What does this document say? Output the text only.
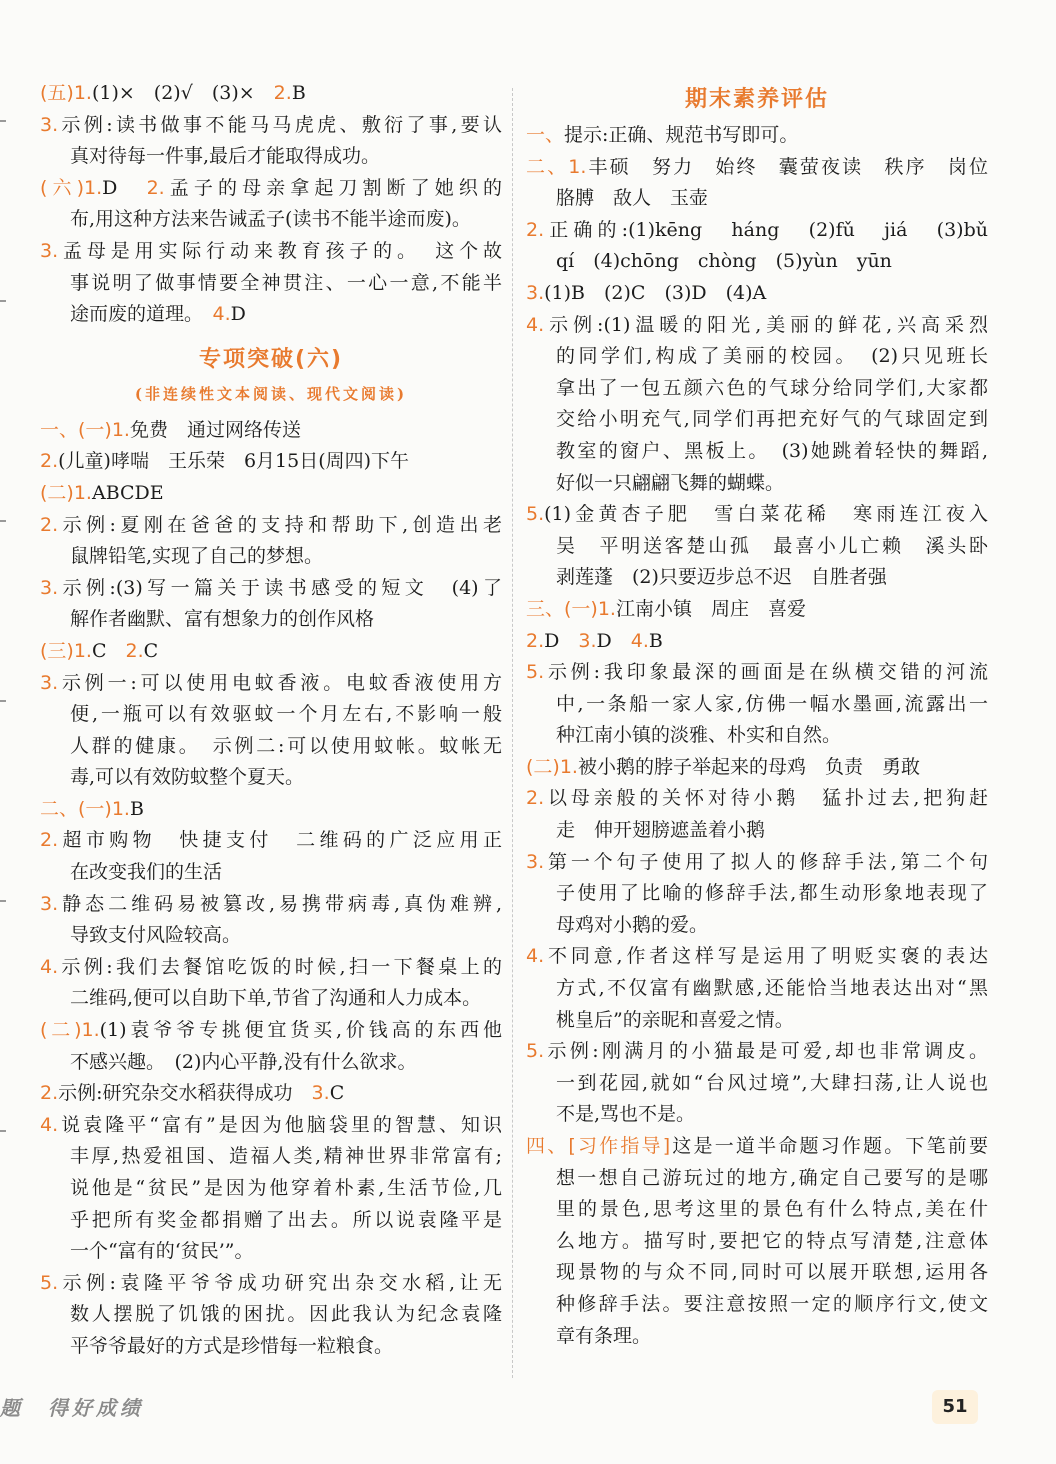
(五)1.(1)×　(2)√　(3)×　2.B
3.示例:读书做事不能马马虎虎、敷衍了事,要认
真对待每一件事,最后才能取得成功。
(六)1.D　2.孟子的母亲拿起刀割断了她织的
布,用这种方法来告诫孟子(读书不能半途而废)。
3.孟母是用实际行动来教育孩子的。　这个故
事说明了做事情要全神贯注、一心一意,不能半
途而废的道理。　4.D
专项突破(六)
(非连续性文本阅读、现代文阅读)
一、(一)1.免费　通过网络传送
2.(儿童)哮喘　王乐荣　6月15日(周四)下午
(二)1.ABCDE
2.示例:夏刚在爸爸的支持和帮助下,创造出老
鼠牌铅笔,实现了自己的梦想。
3.示例:(3)写一篇关于读书感受的短文　(4)了
解作者幽默、富有想象力的创作风格
(三)1.C　2.C
3.示例一:可以使用电蚊香液。电蚊香液使用方
便,一瓶可以有效驱蚊一个月左右,不影响一般
人群的健康。　示例二:可以使用蚊帐。蚊帐无
毒,可以有效防蚊整个夏天。
二、(一)1.B
2.超市购物　快捷支付　二维码的广泛应用正
在改变我们的生活
3.静态二维码易被篡改,易携带病毒,真伪难辨,
导致支付风险较高。
4.示例:我们去餐馆吃饭的时候,扫一下餐桌上的
二维码,便可以自助下单,节省了沟通和人力成本。
(二)1.(1)袁爷爷专挑便宜货买,价钱高的东西他
不感兴趣。　(2)内心平静,没有什么欲求。
2.示例:研究杂交水稻获得成功　3.C
4.说袁隆平“富有”是因为他脑袋里的智慧、知识
丰厚,热爱祖国、造福人类,精神世界非常富有;
说他是“贫民”是因为他穿着朴素,生活节俭,几
乎把所有奖金都捐赠了出去。所以说袁隆平是
一个“富有的‘贫民’”。
5.示例:袁隆平爷爷成功研究出杂交水稻,让无
数人摆脱了饥饿的困扰。因此我认为纪念袁隆
平爷爷最好的方式是珍惜每一粒粮食。
期末素养评估
一、提示:正确、规范书写即可。
二、1.丰硕　努力　始终　囊萤夜读　秩序　岗位
胳膊　敌人　玉壶
2.正确的:(1)kēng　háng　(2)fǔ　jiá　(3)bǔ
qí　(4)chōng　chòng　(5)yùn　yūn
3.(1)B　(2)C　(3)D　(4)A
4.示例:(1)温暖的阳光,美丽的鲜花,兴高采烈
的同学们,构成了美丽的校园。　(2)只见班长
拿出了一包五颜六色的气球分给同学们,大家都
交给小明充气,同学们再把充好气的气球固定到
教室的窗户、黑板上。　(3)她跳着轻快的舞蹈,
好似一只翩翩飞舞的蝴蝶。
5.(1)金黄杏子肥　雪白菜花稀　寒雨连江夜入
吴　平明送客楚山孤　最喜小儿亡赖　溪头卧
剥莲蓬　(2)只要迈步总不迟　自胜者强
三、(一)1.江南小镇　周庄　喜爱
2.D　3.D　4.B
5.示例:我印象最深的画面是在纵横交错的河流
中,一条船一家人家,仿佛一幅水墨画,流露出一
种江南小镇的淡雅、朴实和自然。
(二)1.被小鹅的脖子举起来的母鸡　负责　勇敢
2.以母亲般的关怀对待小鹅　猛扑过去,把狗赶
走　伸开翅膀遮盖着小鹅
3.第一个句子使用了拟人的修辞手法,第二个句
子使用了比喻的修辞手法,都生动形象地表现了
母鸡对小鹅的爱。
4.不同意,作者这样写是运用了明贬实褒的表达
方式,不仅富有幽默感,还能恰当地表达出对“黑
桃皇后”的亲昵和喜爱之情。
5.示例:刚满月的小猫最是可爱,却也非常调皮。
一到花园,就如“台风过境”,大肆扫荡,让人说也
不是,骂也不是。
四、[习作指导]这是一道半命题习作题。下笔前要
想一想自己游玩过的地方,确定自己要写的是哪
里的景色,思考这里的景色有什么特点,美在什
么地方。描写时,要把它的特点写清楚,注意体
现景物的与众不同,同时可以展开联想,运用各
种修辞手法。要注意按照一定的顺序行文,使文
章有条理。
题　得好成绩	51
